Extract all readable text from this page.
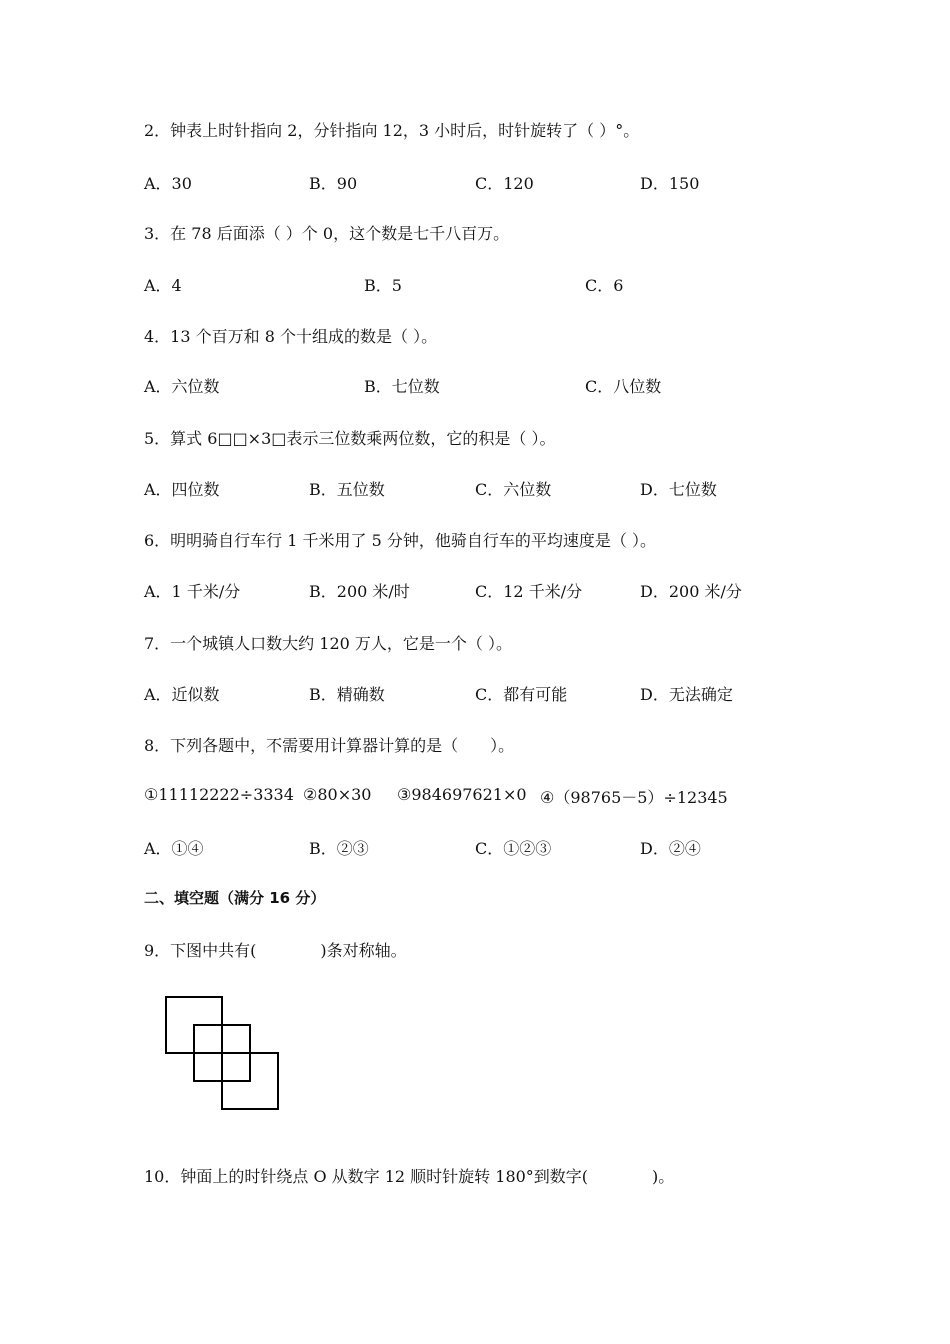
2．钟表上时针指向 2，分针指向 12，3 小时后，时针旋转了（ ）°。
A．30	B．90	C．120	D．150
3．在 78 后面添（ ）个 0，这个数是七千八百万。
A．4	B．5	C．6
4．13 个百万和 8 个十组成的数是（ ）。
A．六位数	B．七位数	C．八位数
5．算式 6□□×3□表示三位数乘两位数，它的积是（ ）。
A．四位数	B．五位数	C．六位数	D．七位数
6．明明骑自行车行 1 千米用了 5 分钟，他骑自行车的平均速度是（ ）。
A．1 千米/分	B．200 米/时	C．12 千米/分	D．200 米/分
7．一个城镇人口数大约 120 万人，它是一个（ ）。
A．近似数	B．精确数	C．都有可能	D．无法确定
8．下列各题中，不需要用计算器计算的是（　　）。
①11112222÷3334 ②80×30 ③984697621×0 ④（98765－5）÷12345
A．①④	B．②③	C．①②③	D．②④
二、填空题（满分 16 分）
9．下图中共有(　　　　)条对称轴。
10．钟面上的时针绕点 O 从数字 12 顺时针旋转 180°到数字(　　　　)。
